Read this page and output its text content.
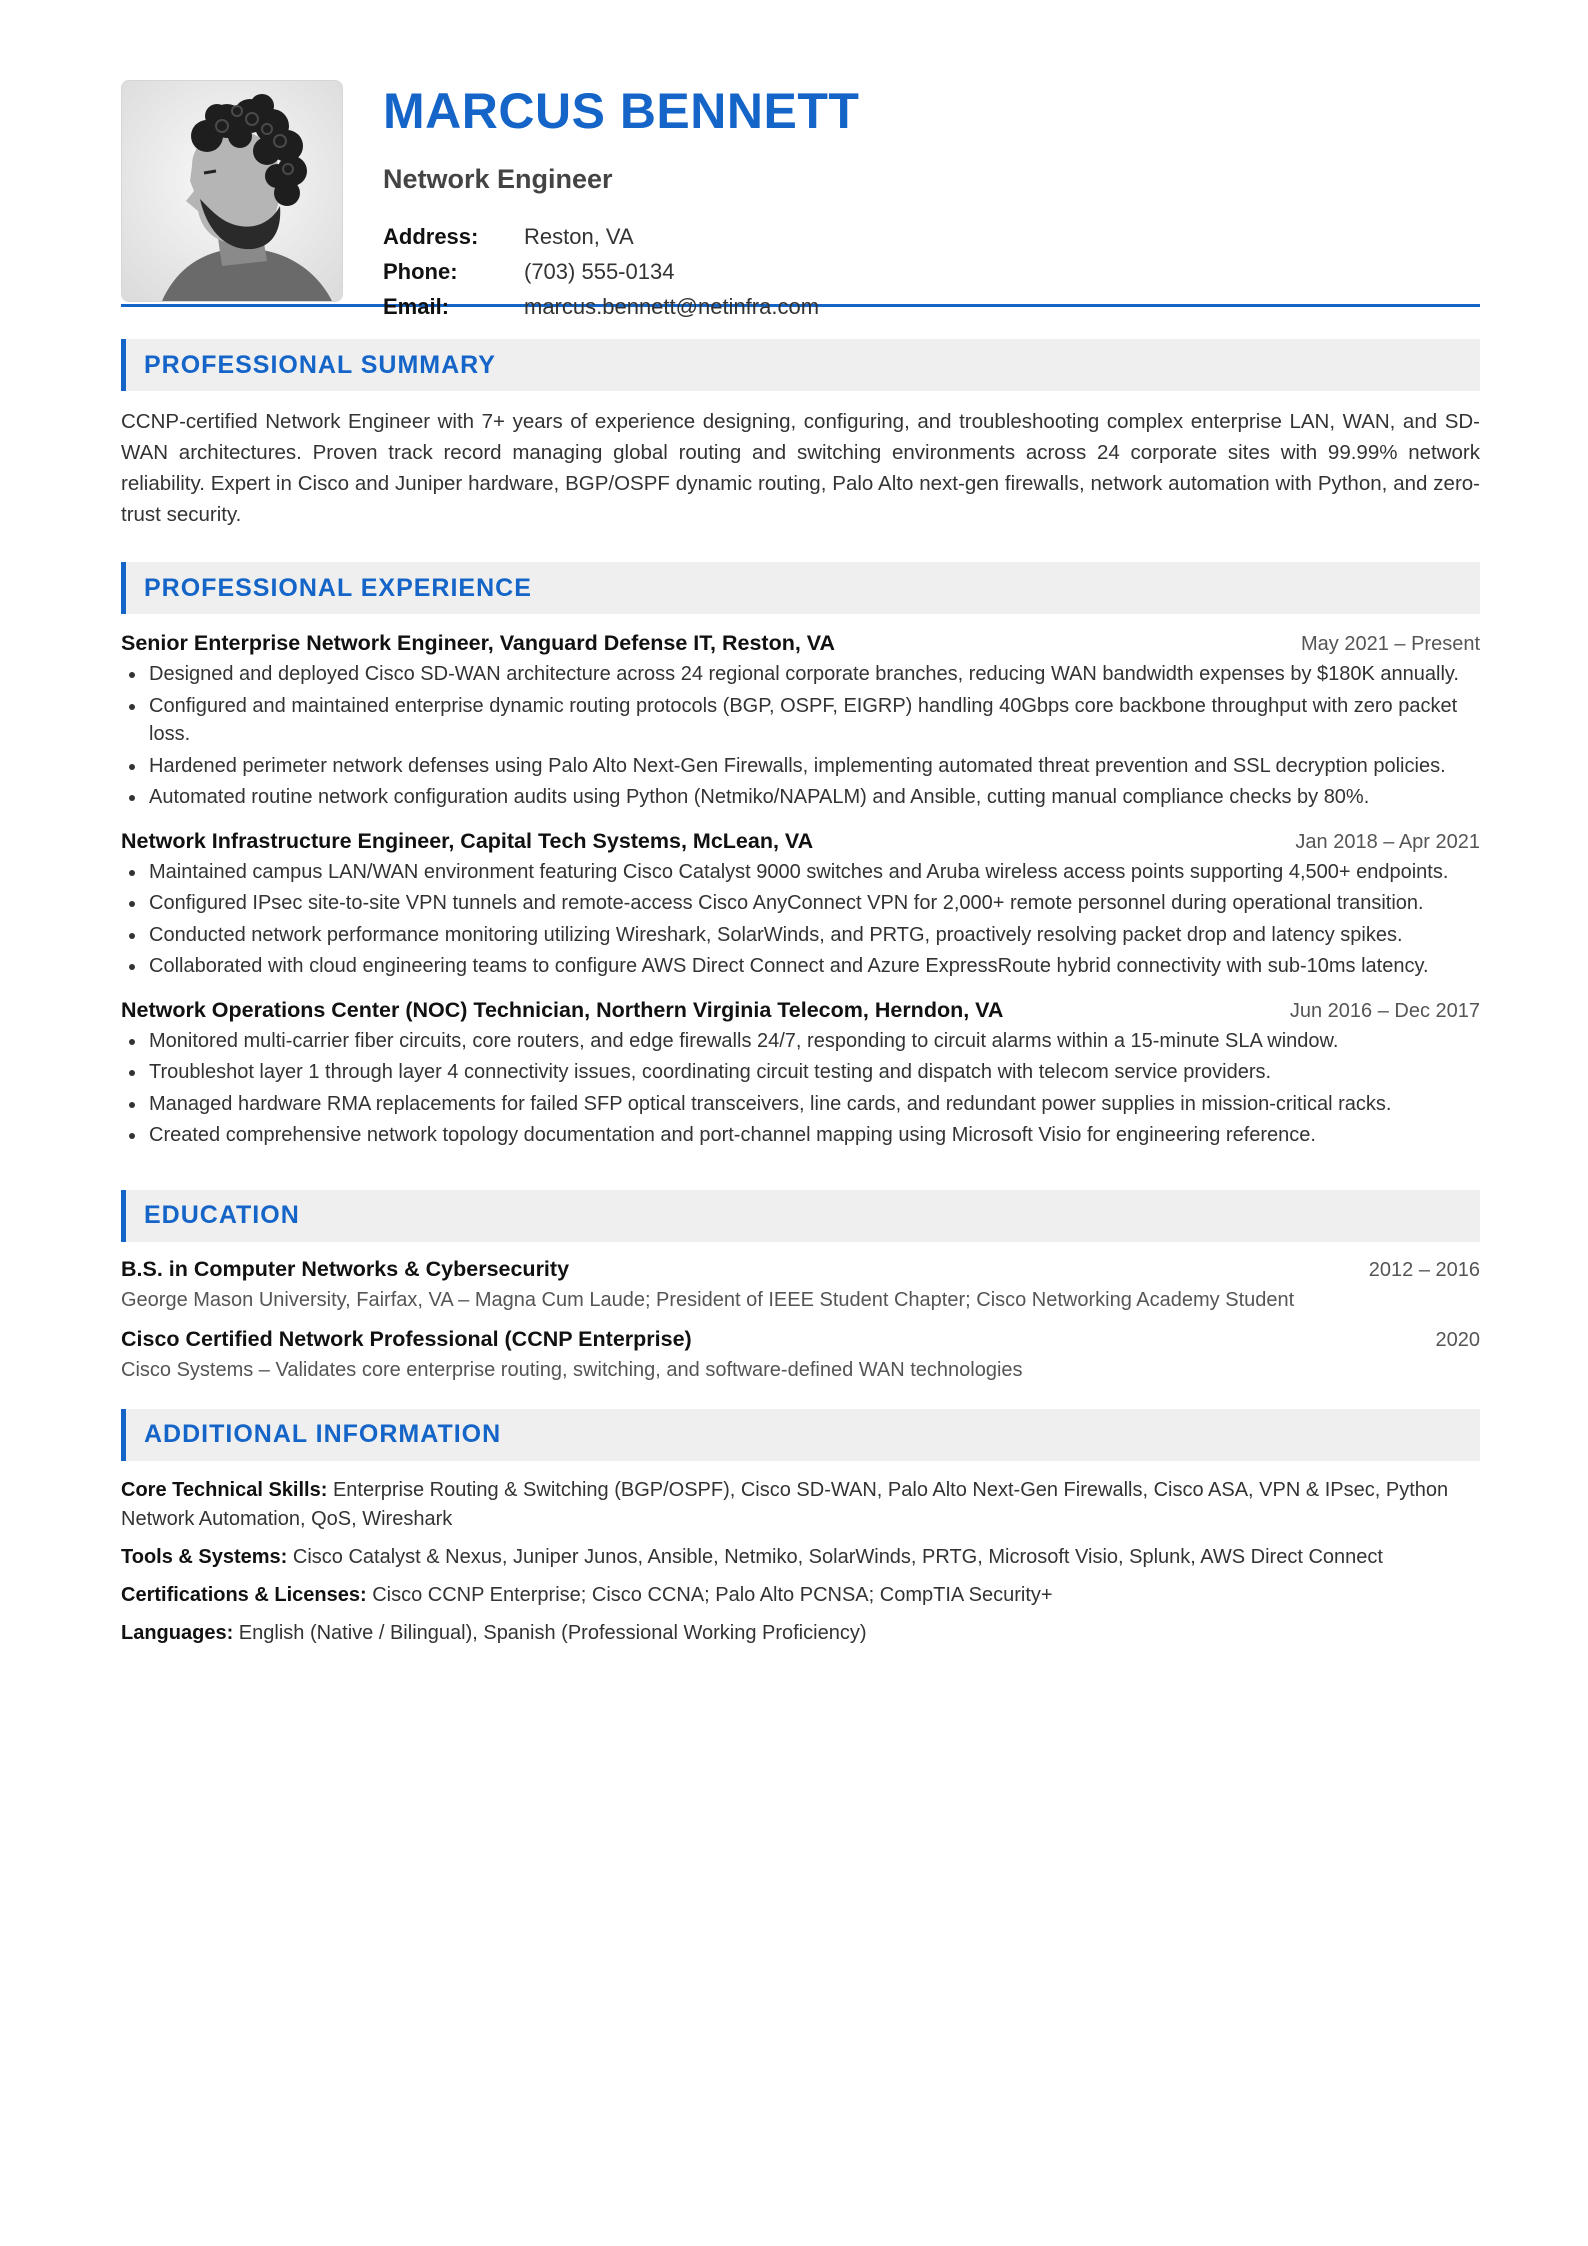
MARCUS BENNETT
Network Engineer
Address:	Reston, VA
Phone:	(703) 555-0134
Email:	marcus.bennett@netinfra.com
PROFESSIONAL SUMMARY

CCNP-certified Network Engineer with 7+ years of experience designing, configuring, and troubleshooting complex enterprise LAN, WAN, and SD-WAN architectures. Proven track record managing global routing and switching environments across 24 corporate sites with 99.99% network reliability. Expert in Cisco and Juniper hardware, BGP/OSPF dynamic routing, Palo Alto next-gen firewalls, network automation with Python, and zero-trust security.

PROFESSIONAL EXPERIENCE
Senior Enterprise Network Engineer, Vanguard Defense IT, Reston, VA	May 2021 – Present
Designed and deployed Cisco SD-WAN architecture across 24 regional corporate branches, reducing WAN bandwidth expenses by $180K annually.
Configured and maintained enterprise dynamic routing protocols (BGP, OSPF, EIGRP) handling 40Gbps core backbone throughput with zero packet loss.
Hardened perimeter network defenses using Palo Alto Next-Gen Firewalls, implementing automated threat prevention and SSL decryption policies.
Automated routine network configuration audits using Python (Netmiko/NAPALM) and Ansible, cutting manual compliance checks by 80%.
Network Infrastructure Engineer, Capital Tech Systems, McLean, VA	Jan 2018 – Apr 2021
Maintained campus LAN/WAN environment featuring Cisco Catalyst 9000 switches and Aruba wireless access points supporting 4,500+ endpoints.
Configured IPsec site-to-site VPN tunnels and remote-access Cisco AnyConnect VPN for 2,000+ remote personnel during operational transition.
Conducted network performance monitoring utilizing Wireshark, SolarWinds, and PRTG, proactively resolving packet drop and latency spikes.
Collaborated with cloud engineering teams to configure AWS Direct Connect and Azure ExpressRoute hybrid connectivity with sub-10ms latency.
Network Operations Center (NOC) Technician, Northern Virginia Telecom, Herndon, VA	Jun 2016 – Dec 2017
Monitored multi-carrier fiber circuits, core routers, and edge firewalls 24/7, responding to circuit alarms within a 15-minute SLA window.
Troubleshot layer 1 through layer 4 connectivity issues, coordinating circuit testing and dispatch with telecom service providers.
Managed hardware RMA replacements for failed SFP optical transceivers, line cards, and redundant power supplies in mission-critical racks.
Created comprehensive network topology documentation and port-channel mapping using Microsoft Visio for engineering reference.
EDUCATION
B.S. in Computer Networks & Cybersecurity	2012 – 2016
George Mason University, Fairfax, VA – Magna Cum Laude; President of IEEE Student Chapter; Cisco Networking Academy Student
Cisco Certified Network Professional (CCNP Enterprise)	2020
Cisco Systems – Validates core enterprise routing, switching, and software-defined WAN technologies
ADDITIONAL INFORMATION
Core Technical Skills: Enterprise Routing & Switching (BGP/OSPF), Cisco SD-WAN, Palo Alto Next-Gen Firewalls, Cisco ASA, VPN & IPsec, Python Network Automation, QoS, Wireshark
Tools & Systems: Cisco Catalyst & Nexus, Juniper Junos, Ansible, Netmiko, SolarWinds, PRTG, Microsoft Visio, Splunk, AWS Direct Connect
Certifications & Licenses: Cisco CCNP Enterprise; Cisco CCNA; Palo Alto PCNSA; CompTIA Security+
Languages: English (Native / Bilingual), Spanish (Professional Working Proficiency)
